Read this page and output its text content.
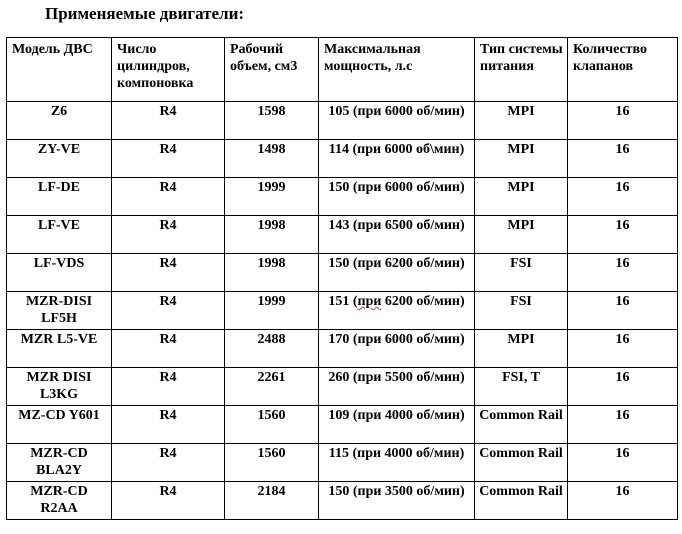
Применяемые двигатели:
Модель ДВС	Число цилиндров, компоновка	Рабочий объем, см3	Максимальная мощность, л.с	Тип системы питания	Количество клапанов
Z6	R4	1598	105 (при 6000 об/мин)	MPI	16
ZY-VE	R4	1498	114 (при 6000 об\мин)	MPI	16
LF-DE	R4	1999	150 (при 6000 об/мин)	MPI	16
LF-VE	R4	1998	143 (при 6500 об/мин)	MPI	16
LF-VDS	R4	1998	150 (при 6200 об/мин)	FSI	16
MZR-DISI LF5H	R4	1999	151 (при 6200 об/мин)	FSI	16
MZR L5-VE	R4	2488	170 (при 6000 об/мин)	MPI	16
MZR DISI L3KG	R4	2261	260 (при 5500 об/мин)	FSI, T	16
MZ-CD Y601	R4	1560	109 (при 4000 об/мин)	Common Rail	16
MZR-CD BLA2Y	R4	1560	115 (при 4000 об/мин)	Common Rail	16
MZR-CD R2AA	R4	2184	150 (при 3500 об/мин)	Common Rail	16
